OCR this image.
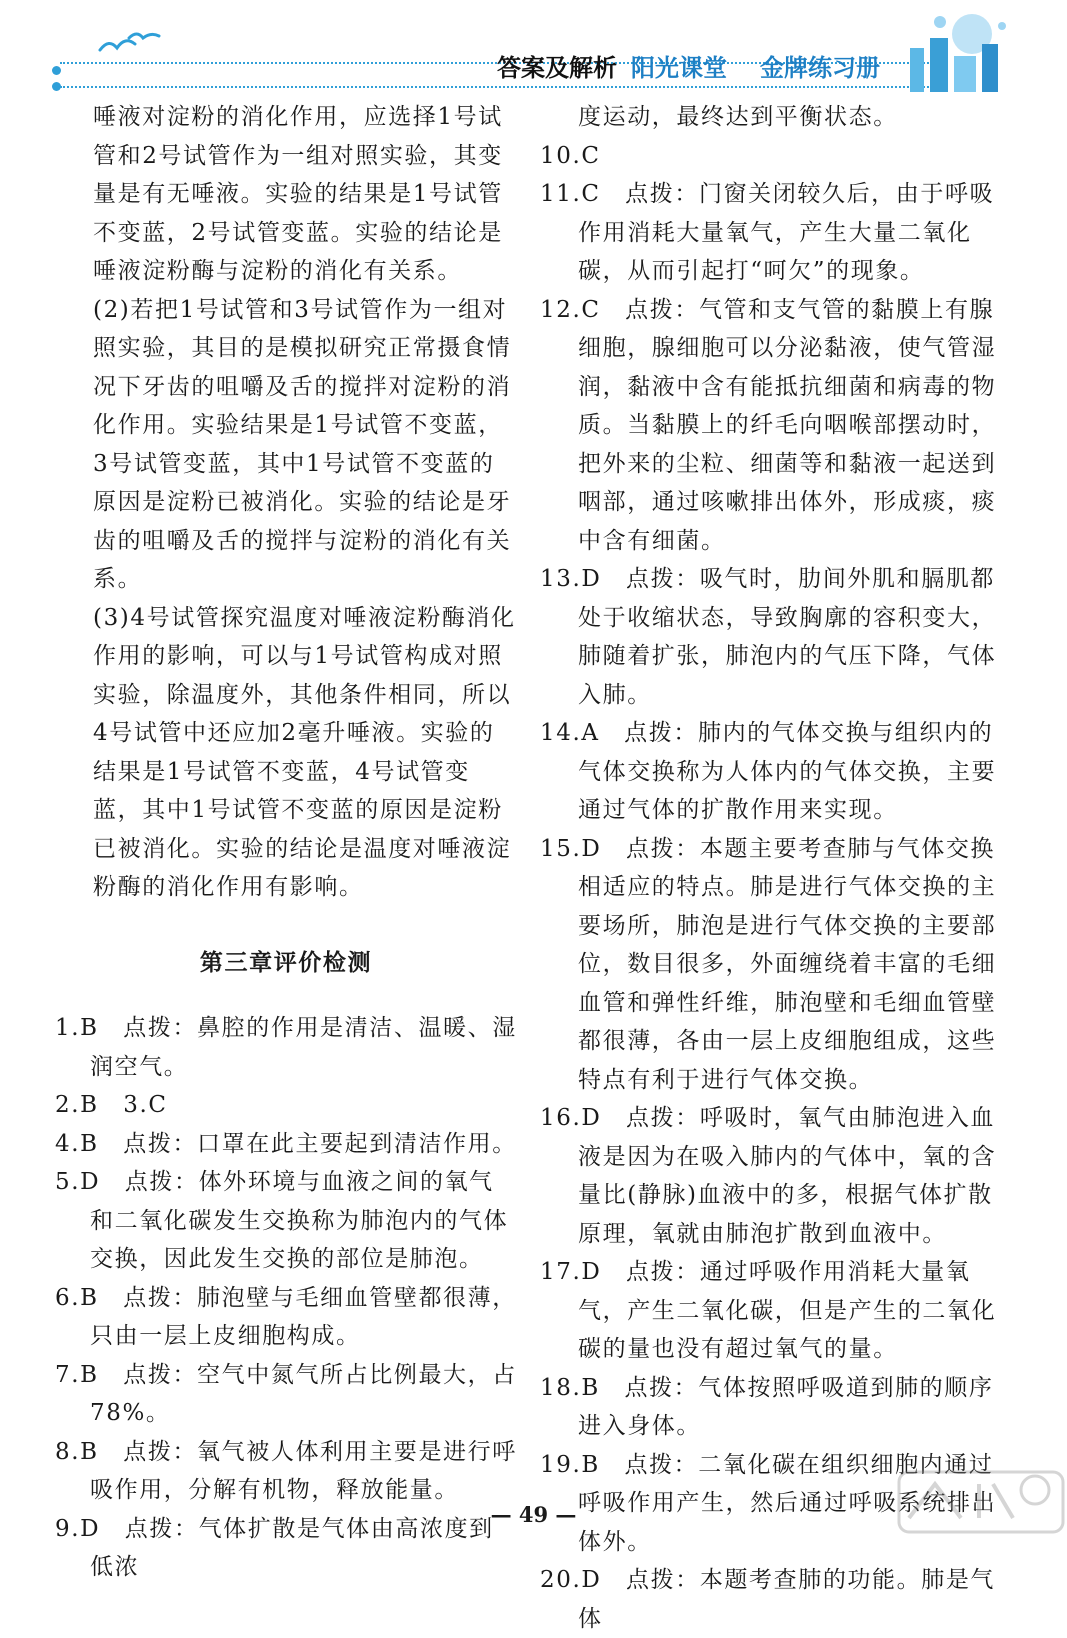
答案及解析 阳光课堂 金牌练习册

唾液对淀粉的消化作用，应选择1号试管和2号试管作为一组对照实验，其变量是有无唾液。实验的结果是1号试管不变蓝，2号试管变蓝。实验的结论是唾液淀粉酶与淀粉的消化有关系。

(2)若把1号试管和3号试管作为一组对照实验，其目的是模拟研究正常摄食情况下牙齿的咀嚼及舌的搅拌对淀粉的消化作用。实验结果是1号试管不变蓝，3号试管变蓝，其中1号试管不变蓝的原因是淀粉已被消化。实验的结论是牙齿的咀嚼及舌的搅拌与淀粉的消化有关系。

(3)4号试管探究温度对唾液淀粉酶消化作用的影响，可以与1号试管构成对照实验，除温度外，其他条件相同，所以4号试管中还应加2毫升唾液。实验的结果是1号试管不变蓝，4号试管变蓝，其中1号试管不变蓝的原因是淀粉已被消化。实验的结论是温度对唾液淀粉酶的消化作用有影响。

第三章评价检测

1.B　点拨：鼻腔的作用是清洁、温暖、湿润空气。

2.B　3.C

4.B　点拨：口罩在此主要起到清洁作用。

5.D　点拨：体外环境与血液之间的氧气和二氧化碳发生交换称为肺泡内的气体交换，因此发生交换的部位是肺泡。

6.B　点拨：肺泡壁与毛细血管壁都很薄，只由一层上皮细胞构成。

7.B　点拨：空气中氮气所占比例最大，占78%。

8.B　点拨：氧气被人体利用主要是进行呼吸作用，分解有机物，释放能量。

9.D　点拨：气体扩散是气体由高浓度到低浓

度运动，最终达到平衡状态。

10.C

11.C　点拨：门窗关闭较久后，由于呼吸作用消耗大量氧气，产生大量二氧化碳，从而引起打“呵欠”的现象。

12.C　点拨：气管和支气管的黏膜上有腺细胞，腺细胞可以分泌黏液，使气管湿润，黏液中含有能抵抗细菌和病毒的物质。当黏膜上的纤毛向咽喉部摆动时，把外来的尘粒、细菌等和黏液一起送到咽部，通过咳嗽排出体外，形成痰，痰中含有细菌。

13.D　点拨：吸气时，肋间外肌和膈肌都处于收缩状态，导致胸廓的容积变大，肺随着扩张，肺泡内的气压下降，气体入肺。

14.A　点拨：肺内的气体交换与组织内的气体交换称为人体内的气体交换，主要通过气体的扩散作用来实现。

15.D　点拨：本题主要考查肺与气体交换相适应的特点。肺是进行气体交换的主要场所，肺泡是进行气体交换的主要部位，数目很多，外面缠绕着丰富的毛细血管和弹性纤维，肺泡壁和毛细血管壁都很薄，各由一层上皮细胞组成，这些特点有利于进行气体交换。

16.D　点拨：呼吸时，氧气由肺泡进入血液是因为在吸入肺内的气体中，氧的含量比(静脉)血液中的多，根据气体扩散原理，氧就由肺泡扩散到血液中。

17.D　点拨：通过呼吸作用消耗大量氧气，产生二氧化碳，但是产生的二氧化碳的量也没有超过氧气的量。

18.B　点拨：气体按照呼吸道到肺的顺序进入身体。

19.B　点拨：二氧化碳在组织细胞内通过呼吸作用产生，然后通过呼吸系统排出体外。

20.D　点拨：本题考查肺的功能。肺是气体

— 49 —
